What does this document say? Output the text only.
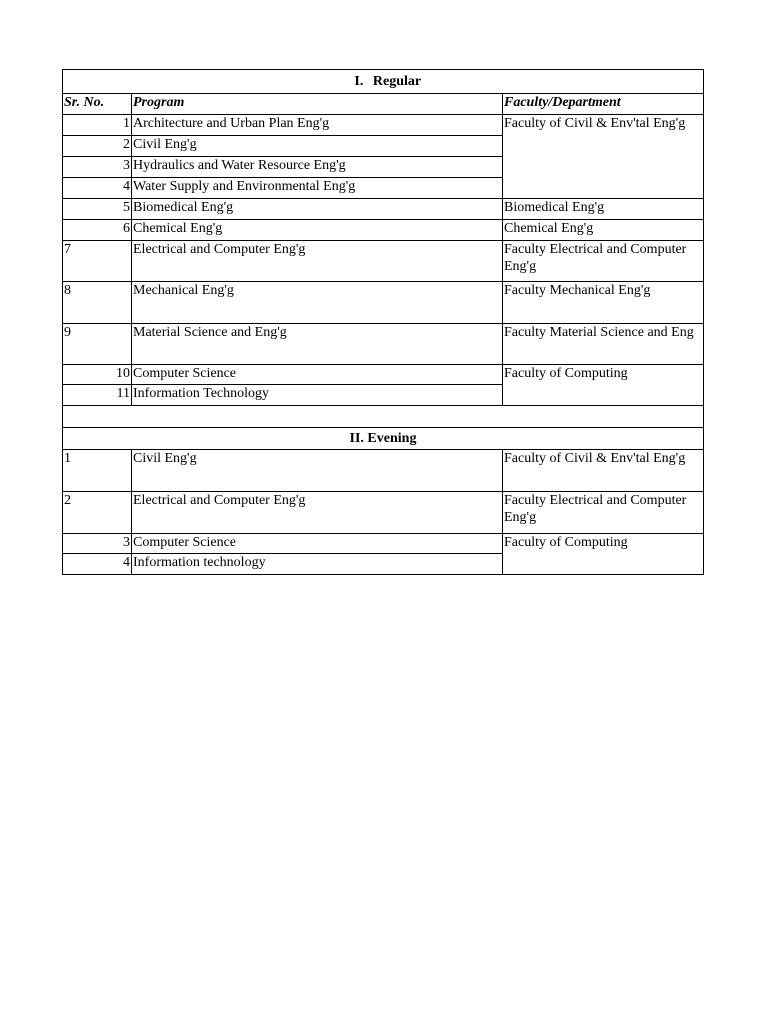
I. Regular		
Sr. No.	Program	Faculty/Department
1	Architecture and Urban Plan Eng'g	Faculty of Civil & Env'tal Eng'g
2	Civil Eng'g	
3	Hydraulics and Water Resource Eng'g	
4	Water Supply and Environmental Eng'g	
5	Biomedical Eng'g	Biomedical Eng'g
6	Chemical Eng'g	Chemical Eng'g
7	Electrical and Computer Eng'g	Faculty Electrical and Computer Eng'g
8	Mechanical Eng'g	Faculty Mechanical Eng'g
9	Material Science and Eng'g	Faculty Material Science and Eng
10	Computer Science	Faculty of Computing
11	Information Technology	

II. Evening		
1	Civil Eng'g	Faculty of Civil & Env'tal Eng'g
2	Electrical and Computer Eng'g	Faculty Electrical and Computer Eng'g
3	Computer Science	Faculty of Computing
4	Information technology	
